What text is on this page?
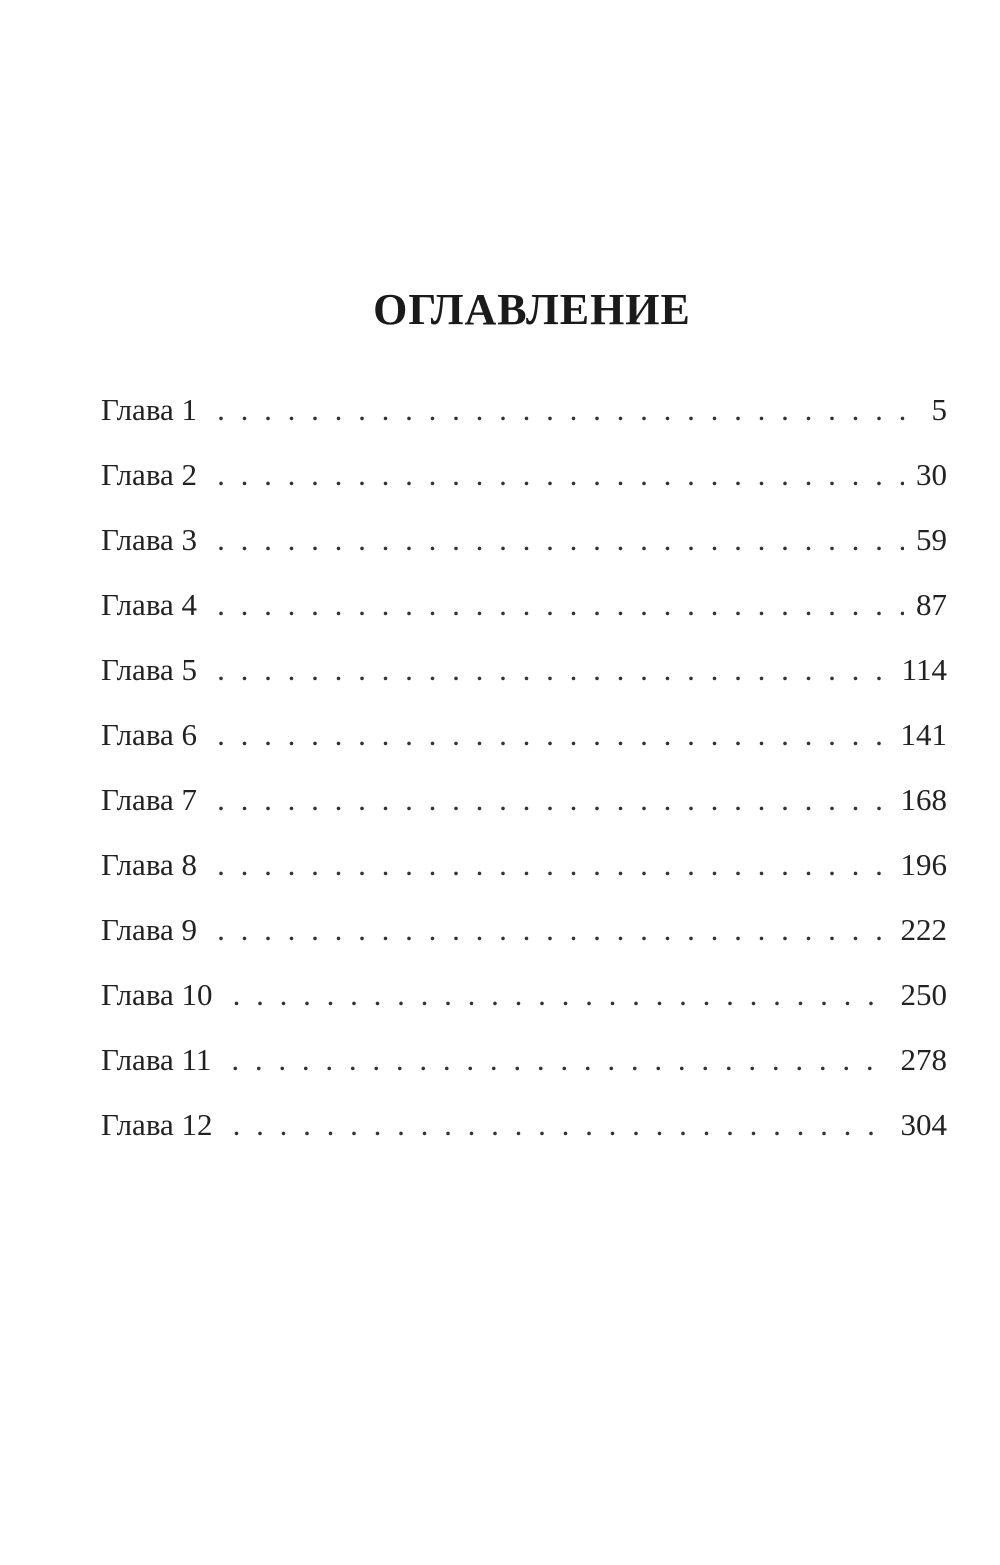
ОГЛАВЛЕНИЕ
Глава 1 . . .	5
Глава 2 . . .	30
Глава 3 . . .	59
Глава 4 . . .	87
Глава 5 . . .	114
Глава 6 . . .	141
Глава 7 . . .	168
Глава 8 . . .	196
Глава 9 . . .	222
Глава 10 . . .	250
Глава 11 . . .	278
Глава 12 . . .	304
